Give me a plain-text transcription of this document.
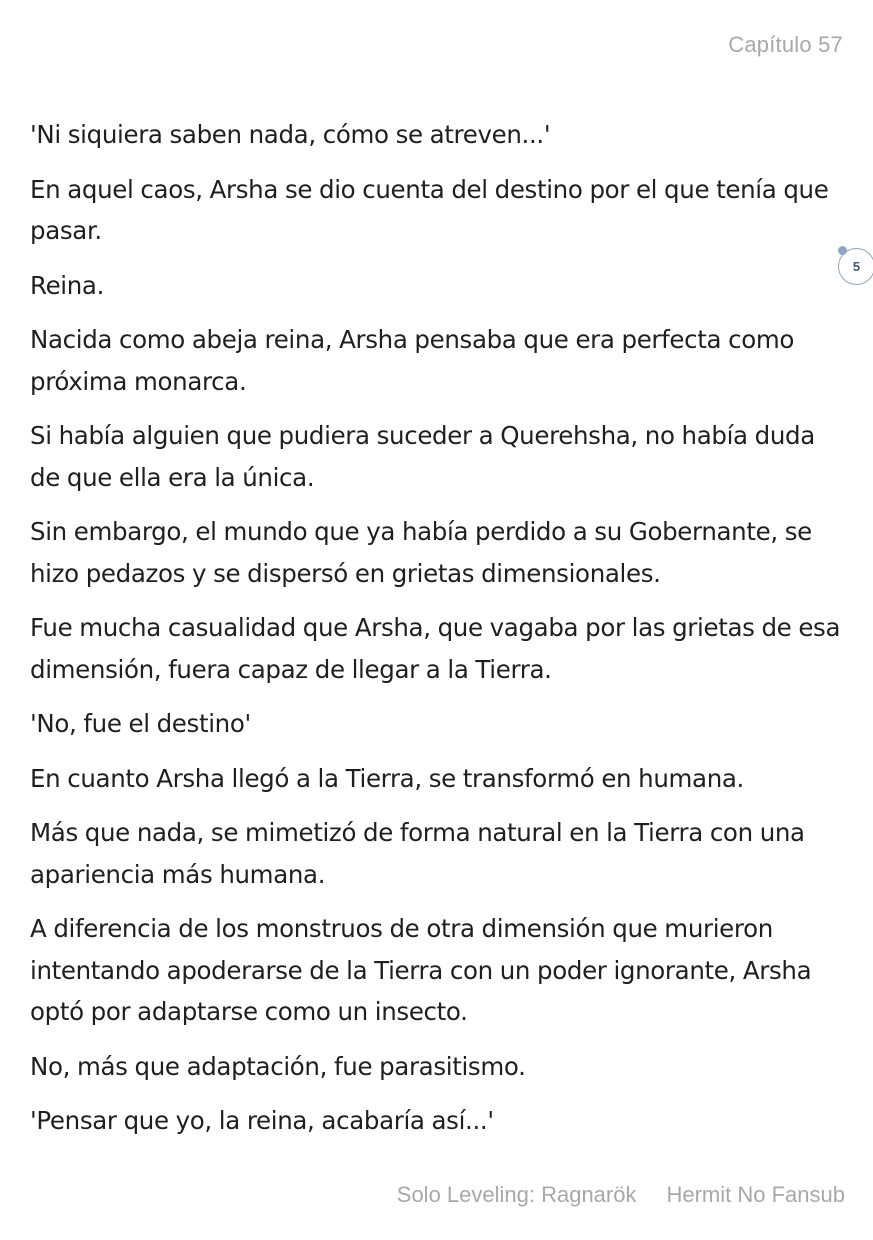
Capítulo 57
5

'Ni siquiera saben nada, cómo se atreven...'

En aquel caos, Arsha se dio cuenta del destino por el que tenía que pasar.

Reina.

Nacida como abeja reina, Arsha pensaba que era perfecta como próxima monarca.

Si había alguien que pudiera suceder a Querehsha, no había duda de que ella era la única.

Sin embargo, el mundo que ya había perdido a su Gobernante, se hizo pedazos y se dispersó en grietas dimensionales.

Fue mucha casualidad que Arsha, que vagaba por las grietas de esa dimensión, fuera capaz de llegar a la Tierra.

'No, fue el destino'

En cuanto Arsha llegó a la Tierra, se transformó en humana.

Más que nada, se mimetizó de forma natural en la Tierra con una apariencia más humana.

A diferencia de los monstruos de otra dimensión que murieron intentando apoderarse de la Tierra con un poder ignorante, Arsha optó por adaptarse como un insecto.

No, más que adaptación, fue parasitismo.

'Pensar que yo, la reina, acabaría así...'

Solo Leveling: Ragnarök Hermit No Fansub
